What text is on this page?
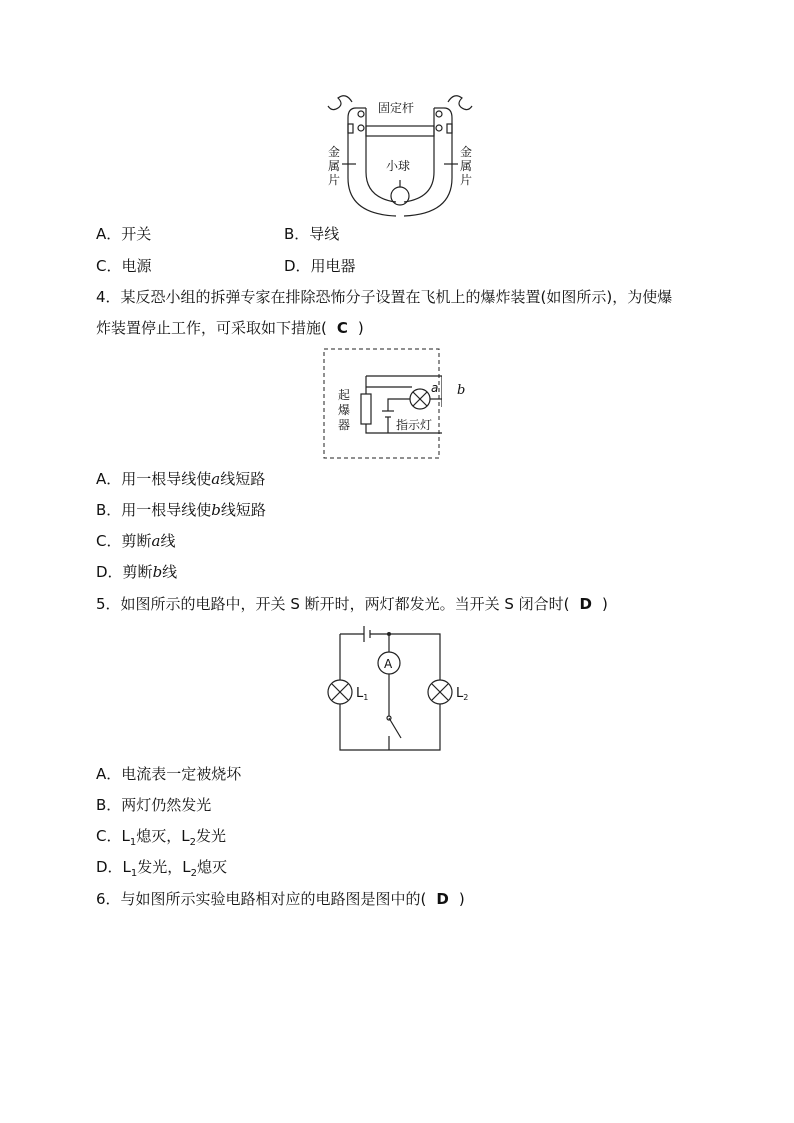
固定杆
小球
金
属
片
金
属
片
A．开关	B．导线
C．电源	D．用电器
4．某反恐小组的拆弹专家在排除恐怖分子设置在飞机上的爆炸装置(如图所示)，为使爆
炸装置停止工作，可采取如下措施( C )
起
爆
器	指示灯
a b
A．用一根导线使a线短路
B．用一根导线使b线短路
C．剪断a线
D．剪断b线
5．如图所示的电路中，开关 S 断开时，两灯都发光。当开关 S 闭合时( D )
A
$L_1$	$L_2$
A．电流表一定被烧坏
B．两灯仍然发光
C．$L_1$熄灭，$L_2$发光
D．$L_1$发光，$L_2$熄灭
6．与如图所示实验电路相对应的电路图是图中的( D )
